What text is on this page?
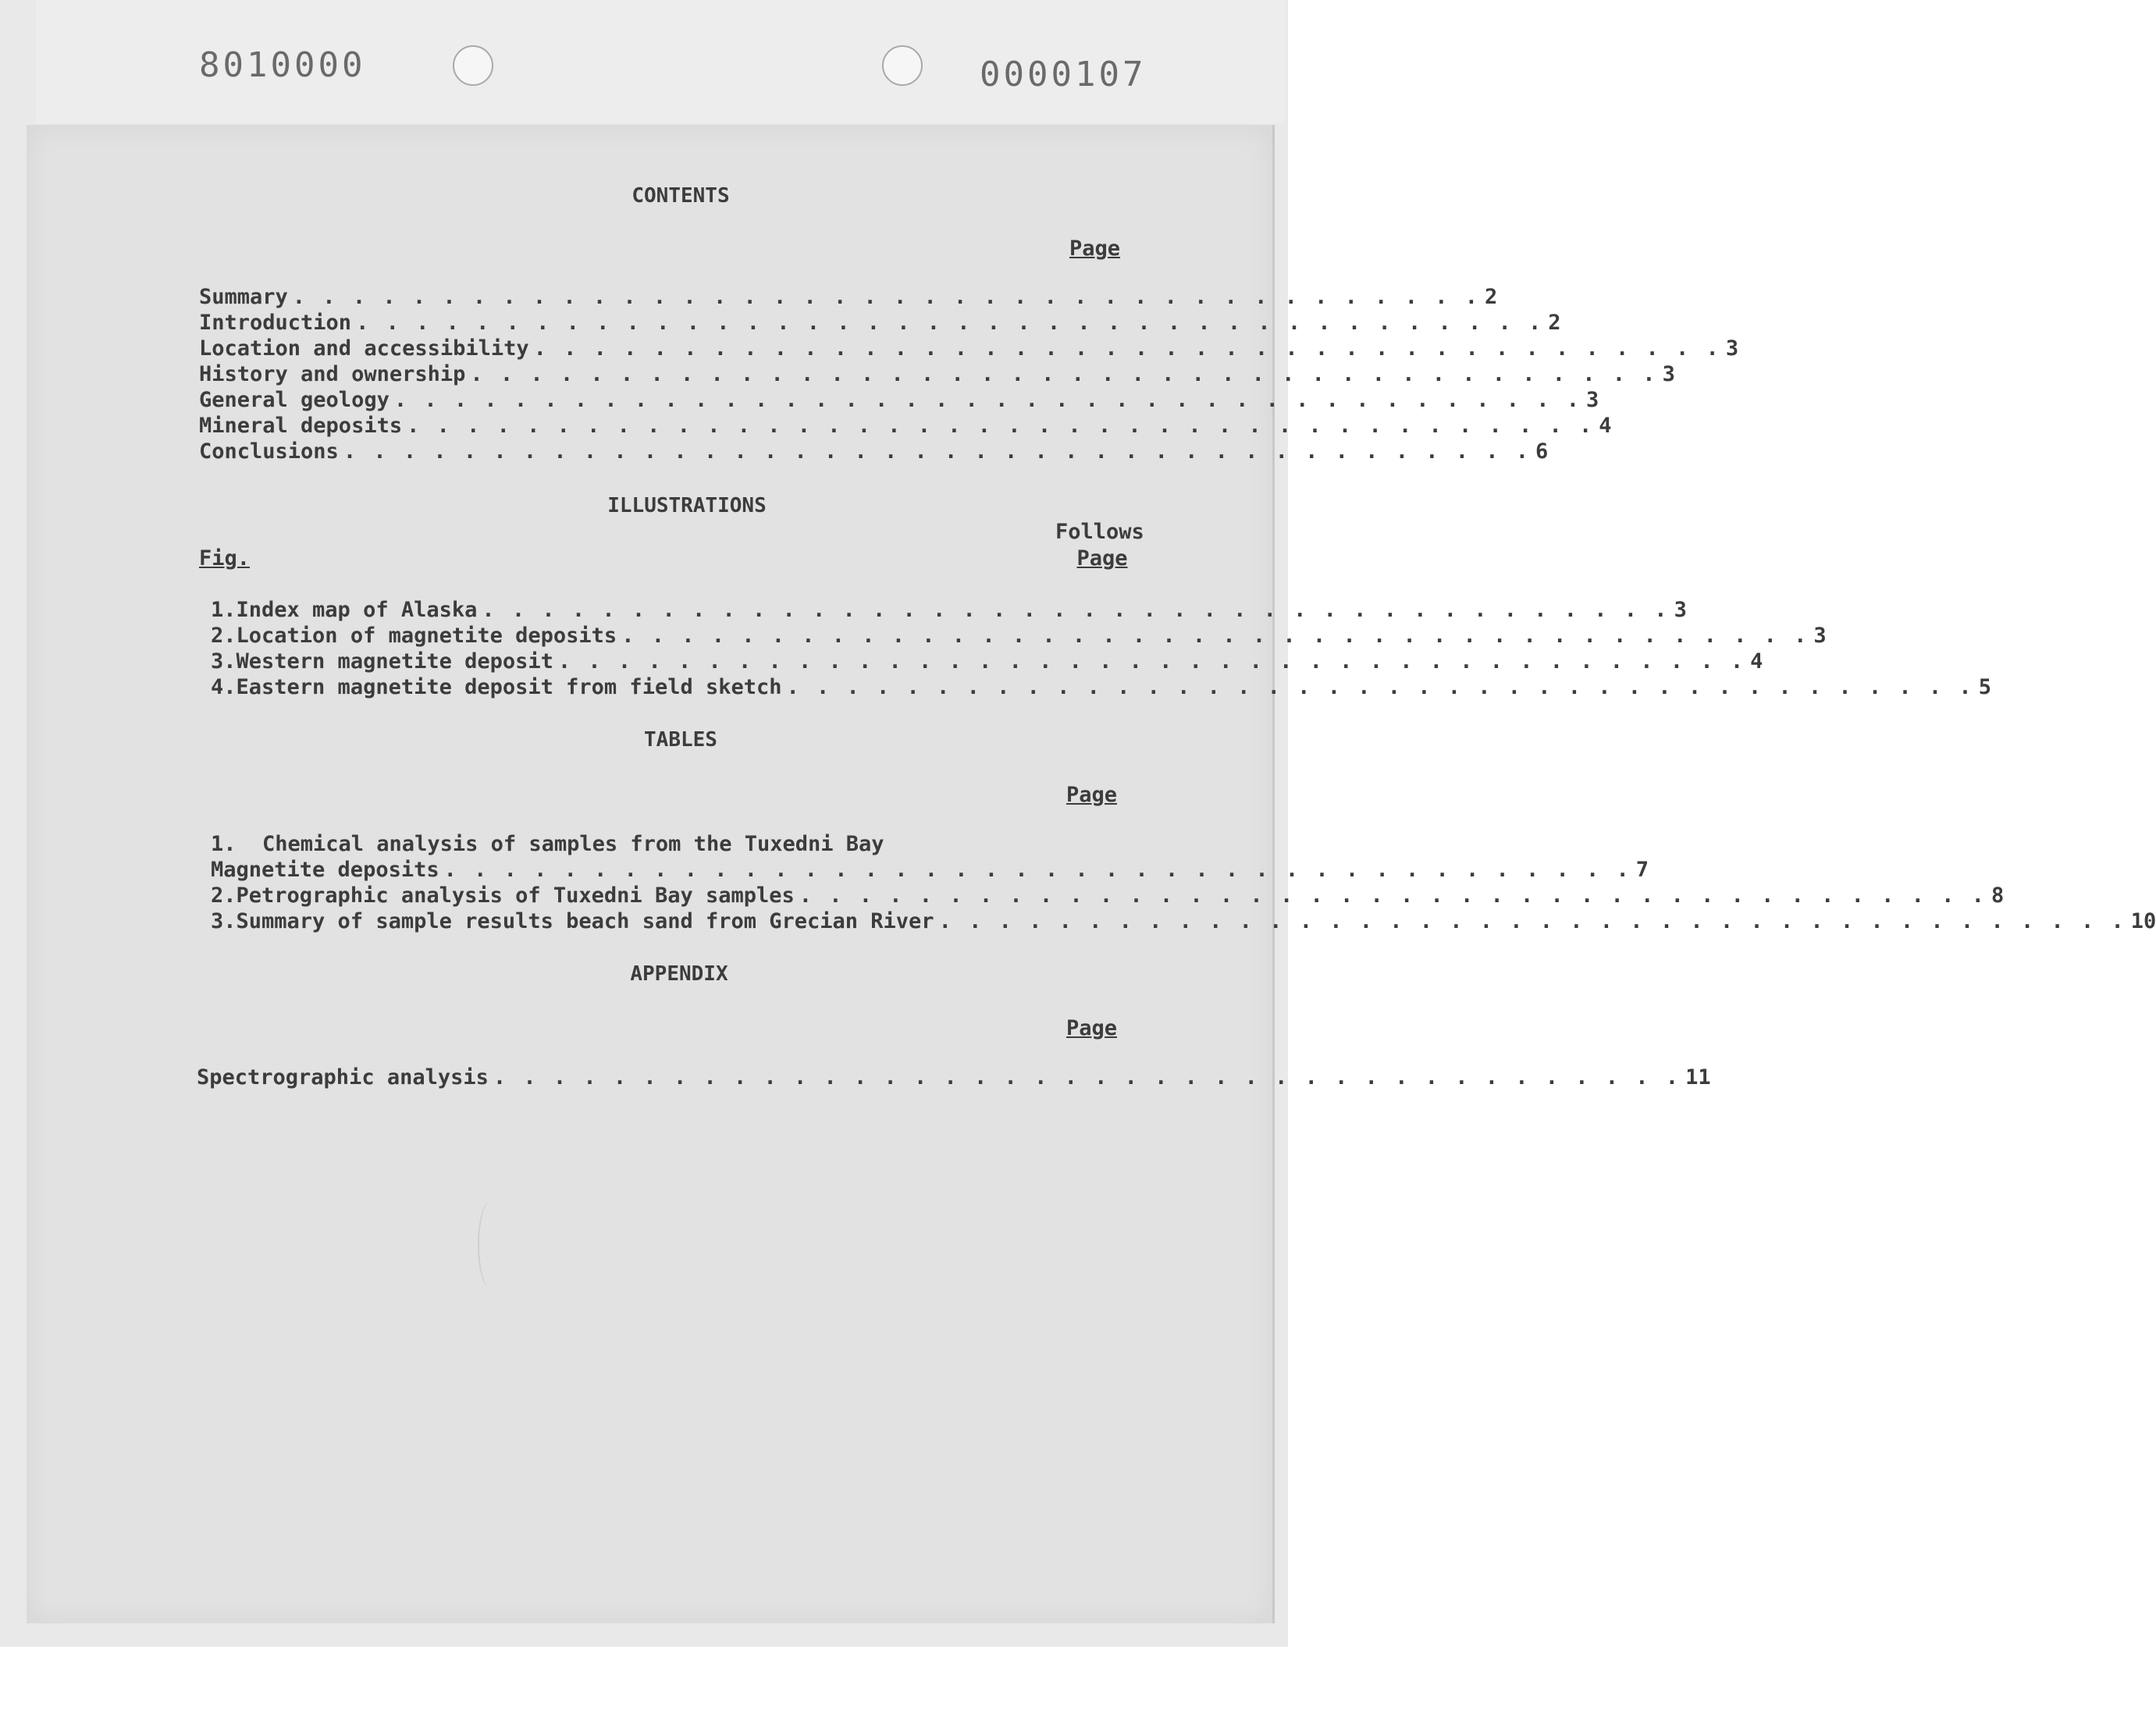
8010000	0000107
CONTENTS
Page
Summary . . . . . . . . . . . . . . . . . . . . . . . . . . . . . . . . . . . . . . . . 2
Introduction . . . . . . . . . . . . . . . . . . . . . . . . . . . . . . . . . . . . . . . . 2
Location and accessibility . . . . . . . . . . . . . . . . . . . . . . . . . . . . . . . . . . . . . . . . 3
History and ownership . . . . . . . . . . . . . . . . . . . . . . . . . . . . . . . . . . . . . . . . 3
General geology . . . . . . . . . . . . . . . . . . . . . . . . . . . . . . . . . . . . . . . . 3
Mineral deposits . . . . . . . . . . . . . . . . . . . . . . . . . . . . . . . . . . . . . . . . 4
Conclusions . . . . . . . . . . . . . . . . . . . . . . . . . . . . . . . . . . . . . . . . 6
ILLUSTRATIONS
Follows
Fig.	Page
1. Index map of Alaska . . . . . . . . . . . . . . . . . . . . . . . . . . . . . . . . . . . . . . . . 3
2. Location of magnetite deposits . . . . . . . . . . . . . . . . . . . . . . . . . . . . . . . . . . . . . . . . 3
3. Western magnetite deposit . . . . . . . . . . . . . . . . . . . . . . . . . . . . . . . . . . . . . . . . 4
4. Eastern magnetite deposit from field sketch . . . . . . . . . . . . . . . . . . . . . . . . . . . . . . . . . . . . . . . . 5
TABLES
Page
1.	Chemical analysis of samples from the Tuxedni Bay
Magnetite deposits . . . . . . . . . . . . . . . . . . . . . . . . . . . . . . . . . . . . . . . . 7
2. Petrographic analysis of Tuxedni Bay samples . . . . . . . . . . . . . . . . . . . . . . . . . . . . . . . . . . . . . . . . 8
3. Summary of sample results beach sand from Grecian River . . . . . . . . . . . . . . . . . . . . . . . . . . . . . . . . . . . . . . . . 10
APPENDIX
Page
Spectrographic analysis . . . . . . . . . . . . . . . . . . . . . . . . . . . . . . . . . . . . . . . . 11
